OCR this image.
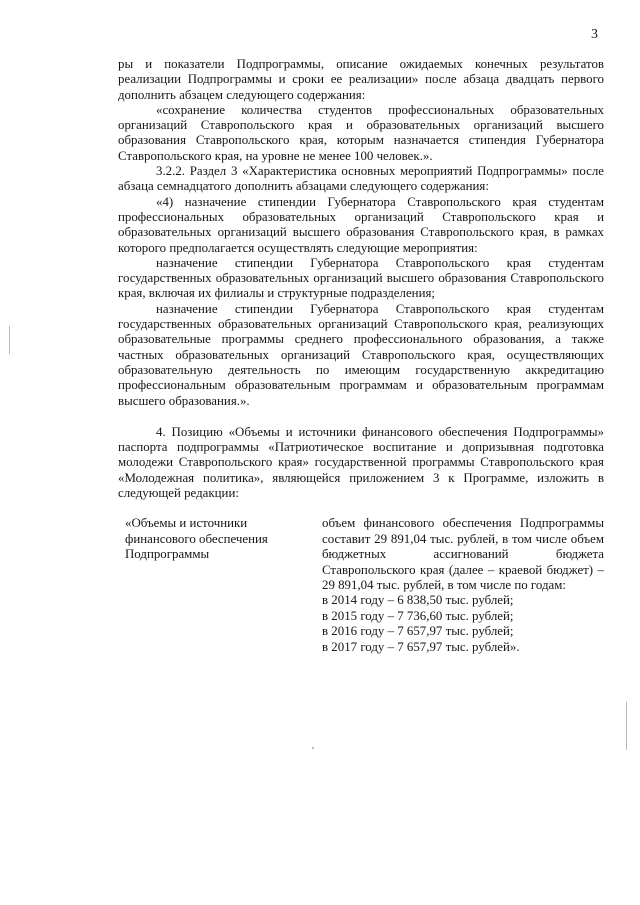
3

ры и показатели Подпрограммы, описание ожидаемых конечных результатов реализации Подпрограммы и сроки ее реализации» после абзаца двадцать первого дополнить абзацем следующего содержания:

«сохранение количества студентов профессиональных образовательных организаций Ставропольского края и образовательных организаций высшего образования Ставропольского края, которым назначается стипендия Губернатора Ставропольского края, на уровне не менее 100 человек.».

3.2.2. Раздел 3 «Характеристика основных мероприятий Подпрограммы» после абзаца семнадцатого дополнить абзацами следующего содержания:

«4) назначение стипендии Губернатора Ставропольского края студентам профессиональных образовательных организаций Ставропольского края и образовательных организаций высшего образования Ставропольского края, в рамках которого предполагается осуществлять следующие мероприятия:

назначение стипендии Губернатора Ставропольского края студентам государственных образовательных организаций высшего образования Ставропольского края, включая их филиалы и структурные подразделения;

назначение стипендии Губернатора Ставропольского края студентам государственных образовательных организаций Ставропольского края, реализующих образовательные программы среднего профессионального образования, а также частных образовательных организаций Ставропольского края, осуществляющих образовательную деятельность по имеющим государственную аккредитацию профессиональным образовательным программам и образовательным программам высшего образования.».

4. Позицию «Объемы и источники финансового обеспечения Подпрограммы» паспорта подпрограммы «Патриотическое воспитание и допризывная подготовка молодежи Ставропольского края» государственной программы Ставропольского края «Молодежная политика», являющейся приложением 3 к Программе, изложить в следующей редакции:

«Объемы и источники финансового обеспечения Подпрограммы
объем финансового обеспечения Подпрограммы составит 29 891,04 тыс. рублей, в том числе объем бюджетных ассигнований бюджета Ставропольского края (далее – краевой бюджет) – 29 891,04 тыс. рублей, в том числе по годам:
в 2014 году – 6 838,50 тыс. рублей;
в 2015 году – 7 736,60 тыс. рублей;
в 2016 году – 7 657,97 тыс. рублей;
в 2017 году – 7 657,97 тыс. рублей».
